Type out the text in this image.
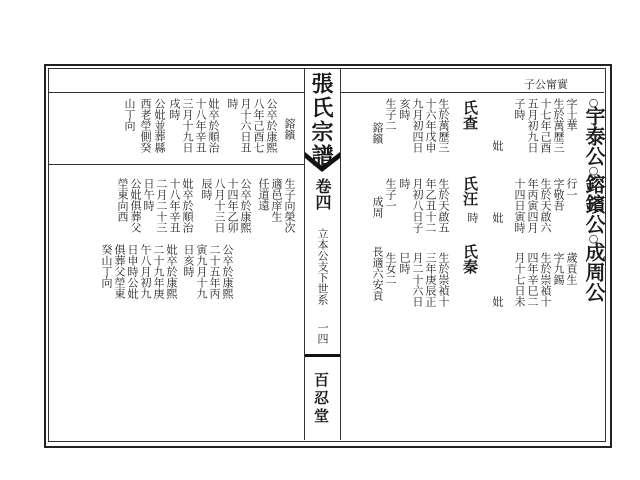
張氏宗譜
卷四
立本公支下世系
一四
百忍堂
子公甯實
○
宇泰公
○
鎔鑌公
○
成周公
字士華
生於萬歷三
十七年己酉
五月初九日
子時
妣
行一
字敬吾
生於天啟六
年丙寅四月
十四日寅時
妣
時
歲貢生
字九錫
生於崇禎十
四年辛巳二
月十七日未
妣
氏查
生於萬歷三
十六年戊申
九月初四日
亥時
生子二
鎔鑌
氏汪
生於天啟五
年乙丑十二
月初八日子
時
生子一
成周
氏秦
生於崇禎十
三年庚辰正
月二十六日
巳時
生女二
長適六安貢
鎔鑌
公卒於康熙
八年己酉七
月十六日丑
時
妣卒於順治
十八年辛丑
三月十九日
戌時
公妣並葬縣
西老塋側癸
山丁向
生子向榮次
適邑庠生
任道遠
公卒於康熙
十四年乙卯
八月十三日
辰時
妣卒於順治
十八年辛丑
二月二十三
日午時
公妣俱葬父
塋東向西
公卒於康熙
二十五年丙
寅九月十九
日亥時
妣卒於康熙
二十九年庚
午八月初九
日申時公妣
俱葬父塋東
癸山丁向
